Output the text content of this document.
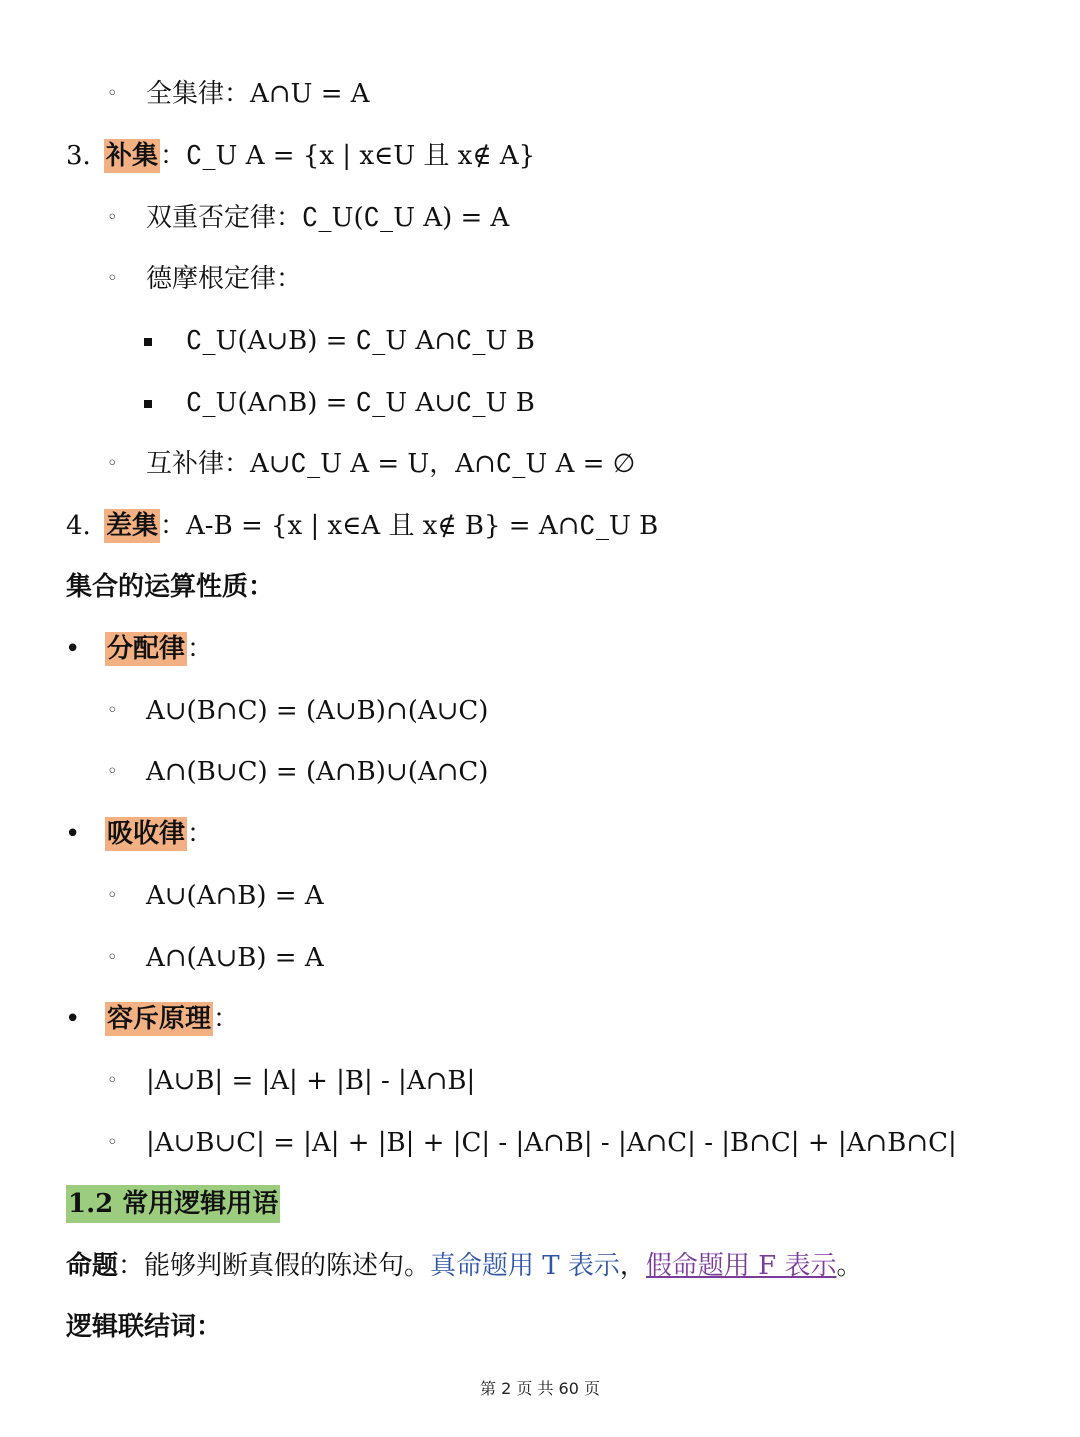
◦ 全集律：A∩U = A
3. 补集：∁_U A = {x | x∈U 且 x∉ A}
◦ 双重否定律：∁_U(∁_U A) = A
◦ 德摩根定律：
∁_U(A∪B) = ∁_U A∩∁_U B
∁_U(A∩B) = ∁_U A∪∁_U B
◦ 互补律：A∪∁_U A = U，A∩∁_U A = ∅
4. 差集：A-B = {x | x∈A 且 x∉ B} = A∩∁_U B
集合的运算性质：
• 分配律：
◦ A∪(B∩C) = (A∪B)∩(A∪C)
◦ A∩(B∪C) = (A∩B)∪(A∩C)
• 吸收律：
◦ A∪(A∩B) = A
◦ A∩(A∪B) = A
• 容斥原理：
◦ |A∪B| = |A| + |B| - |A∩B|
◦ |A∪B∪C| = |A| + |B| + |C| - |A∩B| - |A∩C| - |B∩C| + |A∩B∩C|
1.2 常用逻辑用语
命题：能够判断真假的陈述句。真命题用 T 表示，假命题用 F 表示。
逻辑联结词：
第 2 页 共 60 页
